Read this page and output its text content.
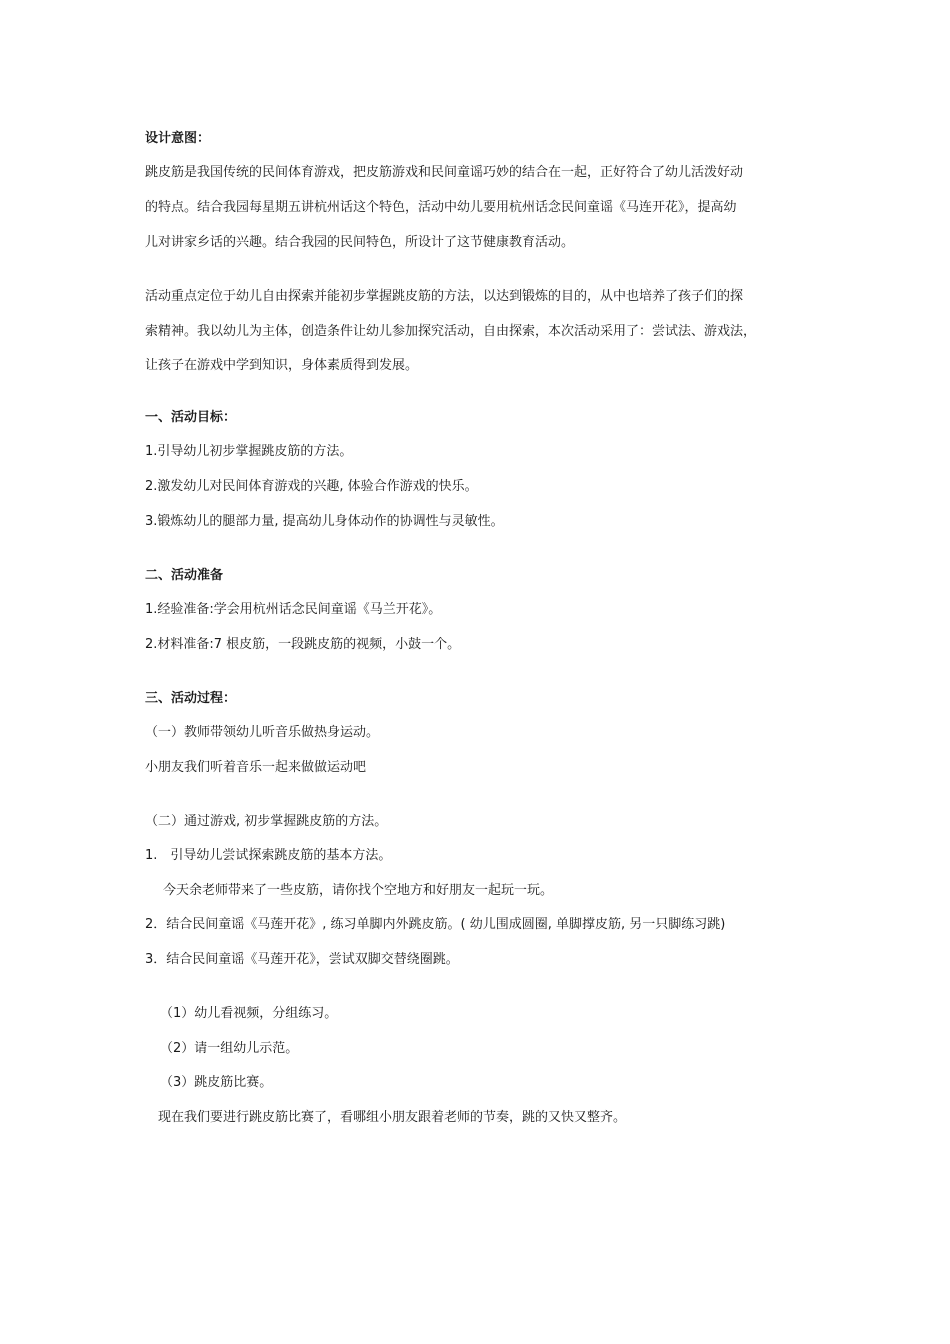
设计意图：
跳皮筋是我国传统的民间体育游戏，把皮筋游戏和民间童谣巧妙的结合在一起，正好符合了幼儿活泼好动
的特点。结合我园每星期五讲杭州话这个特色，活动中幼儿要用杭州话念民间童谣《马连开花》，提高幼
儿对讲家乡话的兴趣。结合我园的民间特色，所设计了这节健康教育活动。
活动重点定位于幼儿自由探索并能初步掌握跳皮筋的方法，以达到锻炼的目的，从中也培养了孩子们的探
索精神。我以幼儿为主体，创造条件让幼儿参加探究活动，自由探索，本次活动采用了：尝试法、游戏法，
让孩子在游戏中学到知识，身体素质得到发展。
一、活动目标：
1.引导幼儿初步掌握跳皮筋的方法。
2.激发幼儿对民间体育游戏的兴趣, 体验合作游戏的快乐。
3.锻炼幼儿的腿部力量, 提高幼儿身体动作的协调性与灵敏性。
二、活动准备
1.经验准备:学会用杭州话念民间童谣《马兰开花》。
2.材料准备:7 根皮筋，一段跳皮筋的视频，小鼓一个。
三、活动过程：
（一）教师带领幼儿听音乐做热身运动。
小朋友我们听着音乐一起来做做运动吧
（二）通过游戏, 初步掌握跳皮筋的方法。
1.　引导幼儿尝试探索跳皮筋的基本方法。
今天余老师带来了一些皮筋，请你找个空地方和好朋友一起玩一玩。
2．结合民间童谣《马莲开花》, 练习单脚内外跳皮筋。( 幼儿围成圆圈, 单脚撑皮筋, 另一只脚练习跳)
3．结合民间童谣《马莲开花》，尝试双脚交替绕圈跳。
（1）幼儿看视频，分组练习。
（2）请一组幼儿示范。
（3）跳皮筋比赛。
现在我们要进行跳皮筋比赛了，看哪组小朋友跟着老师的节奏，跳的又快又整齐。
